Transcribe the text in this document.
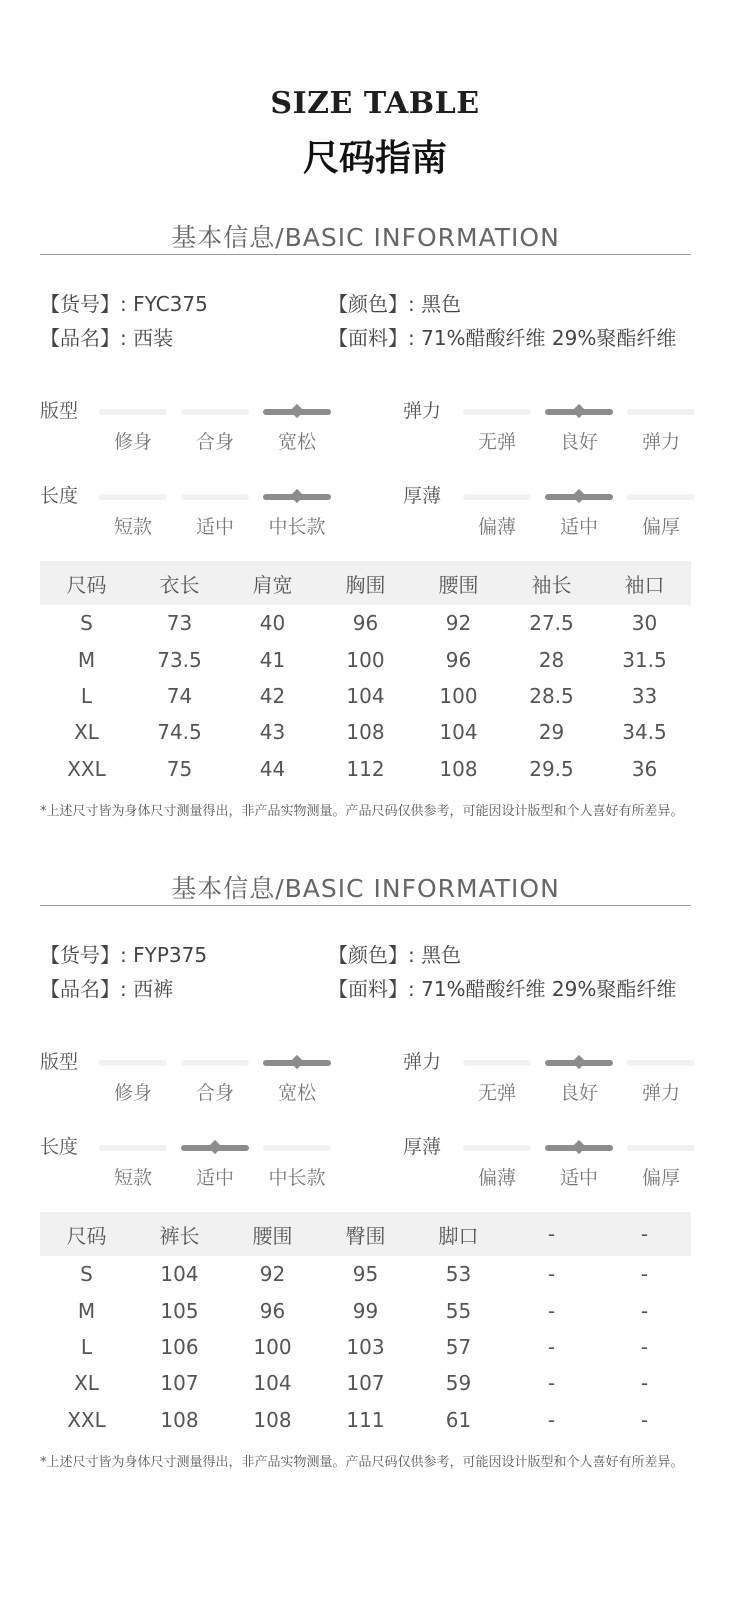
SIZE TABLE
尺码指南
基本信息/BASIC INFORMATION
【货号】: FYC375
【品名】: 西装
【颜色】: 黑色
【面料】: 71%醋酸纤维 29%聚酯纤维
版型
修身	合身	宽松
弹力
无弹	良好	弹力
长度
短款	适中	中长款
厚薄
偏薄	适中	偏厚
尺码	衣长	肩宽	胸围	腰围	袖长	袖口
S	73	40	96	92	27.5	30
M	73.5	41	100	96	28	31.5
L	74	42	104	100	28.5	33
XL	74.5	43	108	104	29	34.5
XXL	75	44	112	108	29.5	36
*上述尺寸皆为身体尺寸测量得出，非产品实物测量。产品尺码仅供参考，可能因设计版型和个人喜好有所差异。
基本信息/BASIC INFORMATION
【货号】: FYP375
【品名】: 西裤
【颜色】: 黑色
【面料】: 71%醋酸纤维 29%聚酯纤维
版型
修身	合身	宽松
弹力
无弹	良好	弹力
长度
短款	适中	中长款
厚薄
偏薄	适中	偏厚
尺码	裤长	腰围	臀围	脚口	-	-
S	104	92	95	53	-	-
M	105	96	99	55	-	-
L	106	100	103	57	-	-
XL	107	104	107	59	-	-
XXL	108	108	111	61	-	-
*上述尺寸皆为身体尺寸测量得出，非产品实物测量。产品尺码仅供参考，可能因设计版型和个人喜好有所差异。
